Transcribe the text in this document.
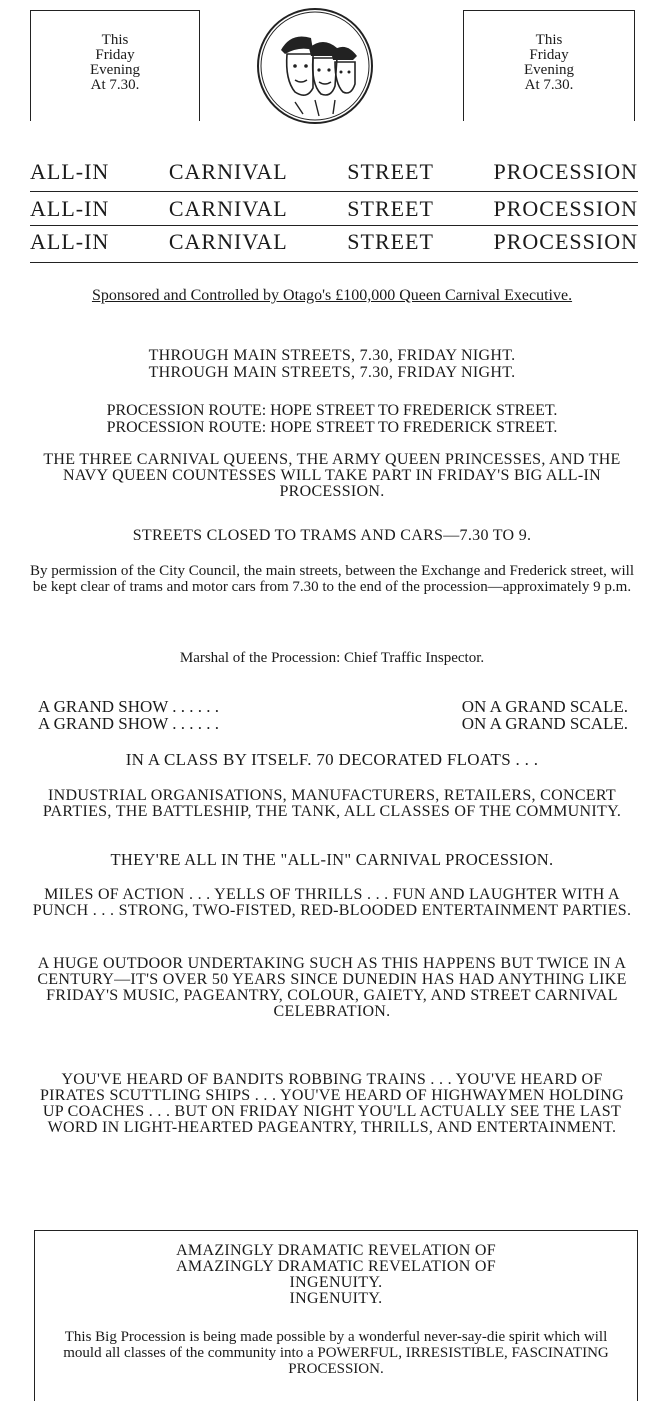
This
Friday
Evening
At 7.30.
This
Friday
Evening
At 7.30.
ALL-IN	CARNIVAL	STREET	PROCESSION
ALL-IN	CARNIVAL	STREET	PROCESSION
ALL-IN	CARNIVAL	STREET	PROCESSION
Sponsored and Controlled by Otago's £100,000 Queen Carnival Executive.
THROUGH MAIN STREETS, 7.30, FRIDAY NIGHT.
THROUGH MAIN STREETS, 7.30, FRIDAY NIGHT.
PROCESSION ROUTE: HOPE STREET TO FREDERICK STREET.
PROCESSION ROUTE: HOPE STREET TO FREDERICK STREET.
THE THREE CARNIVAL QUEENS, THE ARMY QUEEN PRINCESSES, AND THE NAVY QUEEN COUNTESSES WILL TAKE PART IN FRIDAY'S BIG ALL-IN PROCESSION.
STREETS CLOSED TO TRAMS AND CARS—7.30 TO 9.
By permission of the City Council, the main streets, between the Exchange and Frederick street, will be kept clear of trams and motor cars from 7.30 to the end of the procession—approximately 9 p.m.
Marshal of the Procession: Chief Traffic Inspector.
A GRAND SHOW . . . . . .	ON A GRAND SCALE.
A GRAND SHOW . . . . . .	ON A GRAND SCALE.
IN A CLASS BY ITSELF. 70 DECORATED FLOATS . . .
INDUSTRIAL ORGANISATIONS, MANUFACTURERS, RETAILERS, CONCERT PARTIES, THE BATTLESHIP, THE TANK, ALL CLASSES OF THE COMMUNITY.
THEY'RE ALL IN THE "ALL-IN" CARNIVAL PROCESSION.
MILES OF ACTION . . . YELLS OF THRILLS . . . FUN AND LAUGHTER WITH A PUNCH . . . STRONG, TWO-FISTED, RED-BLOODED ENTERTAINMENT PARTIES.
A HUGE OUTDOOR UNDERTAKING SUCH AS THIS HAPPENS BUT TWICE IN A CENTURY—IT'S OVER 50 YEARS SINCE DUNEDIN HAS HAD ANYTHING LIKE FRIDAY'S MUSIC, PAGEANTRY, COLOUR, GAIETY, AND STREET CARNIVAL CELEBRATION.
YOU'VE HEARD OF BANDITS ROBBING TRAINS . . . YOU'VE HEARD OF PIRATES SCUTTLING SHIPS . . . YOU'VE HEARD OF HIGHWAYMEN HOLDING UP COACHES . . . BUT ON FRIDAY NIGHT YOU'LL ACTUALLY SEE THE LAST WORD IN LIGHT-HEARTED PAGEANTRY, THRILLS, AND ENTERTAINMENT.
AMAZINGLY DRAMATIC REVELATION OF
AMAZINGLY DRAMATIC REVELATION OF
INGENUITY.
INGENUITY.
This Big Procession is being made possible by a wonderful never-say-die spirit which will mould all classes of the community into a POWERFUL, IRRESISTIBLE, FASCINATING PROCESSION.
